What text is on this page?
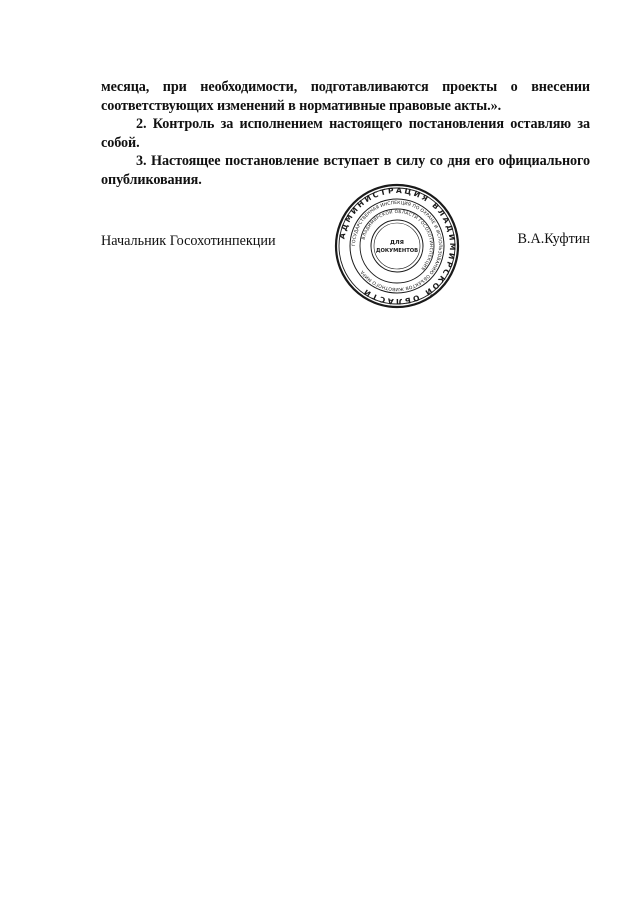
месяца, при необходимости, подготавливаются проекты о внесении соответствующих изменений в нормативные правовые акты.».

2. Контроль за исполнением настоящего постановления оставляю за собой.

3. Настоящее постановление вступает в силу со дня его официального опубликования.

Начальник Госохотинпекции	АДМИНИСТРАЦИЯ ВЛАДИМИРСКОЙ ОБЛАСТИ
ГОСУДАРСТВЕННАЯ ИНСПЕКЦИЯ ПО ОХРАНЕ И ИСПОЛЬЗОВАНИЮ ОБЪЕКТОВ ЖИВОТНОГО МИРА
ВЛАДИМИРСКОЙ ОБЛАСТИ ГОСОХОТИНСПЕКЦИЯ
ДЛЯ
ДОКУМЕНТОВ
В.А.Куфтин
